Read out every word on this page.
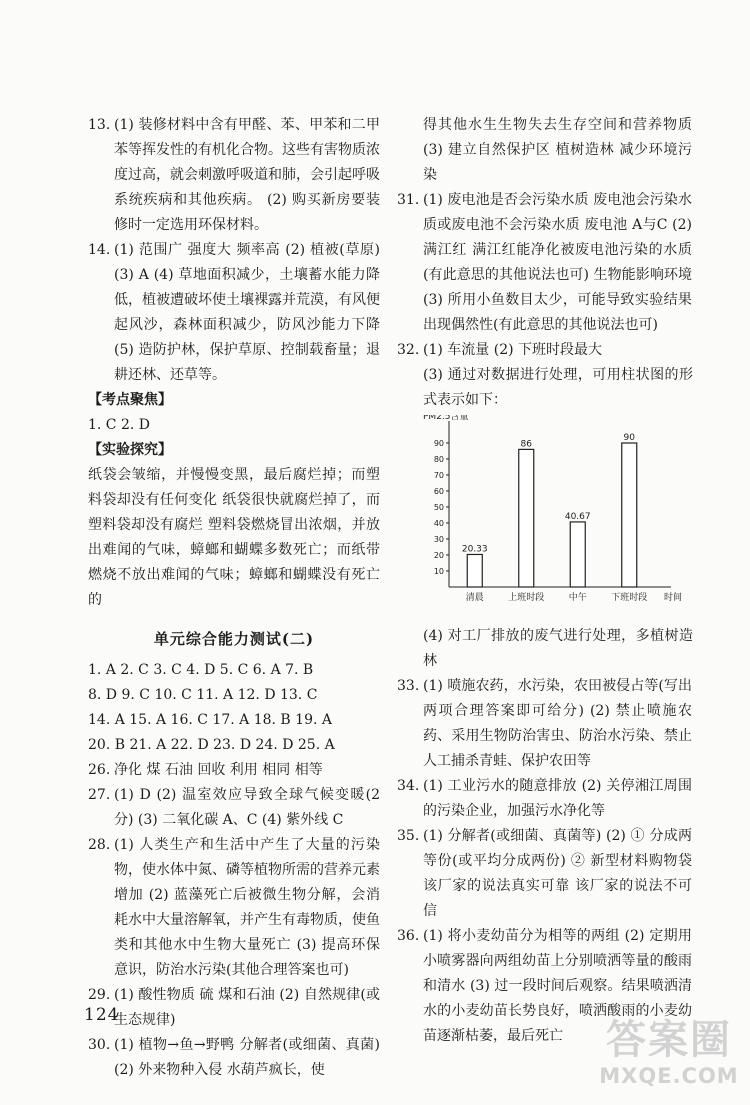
13. (1) 装修材料中含有甲醛、苯、甲苯和二甲苯等挥发性的有机化合物。这些有害物质浓度过高，就会刺激呼吸道和肺，会引起呼吸系统疾病和其他疾病。 (2) 购买新房要装修时一定选用环保材料。
14. (1) 范围广 强度大 频率高 (2) 植被(草原) (3) A (4) 草地面积减少，土壤蓄水能力降低，植被遭破坏使土壤裸露并荒漠，有风便起风沙，森林面积减少，防风沙能力下降 (5) 造防护林，保护草原、控制载畜量；退耕还林、还草等。
【考点聚焦】
1. C 2. D
【实验探究】
纸袋会皱缩，并慢慢变黑，最后腐烂掉；而塑料袋却没有任何变化 纸袋很快就腐烂掉了，而塑料袋却没有腐烂 塑料袋燃烧冒出浓烟，并放出难闻的气味，蟑螂和蝴蝶多数死亡；而纸带燃烧不放出难闻的气味；蟑螂和蝴蝶没有死亡的
单元综合能力测试(二)
1. A 2. C 3. C 4. D 5. C 6. A 7. B
8. D 9. C 10. C 11. A 12. D 13. C
14. A 15. A 16. C 17. A 18. B 19. A
20. B 21. A 22. D 23. D 24. D 25. A
26. 净化 煤 石油 回收 利用 相同 相等
27. (1) D (2) 温室效应导致全球气候变暖(2分) (3) 二氧化碳 A、C (4) 紫外线 C
28. (1) 人类生产和生活中产生了大量的污染物，使水体中氮、磷等植物所需的营养元素增加 (2) 蓝藻死亡后被微生物分解，会消耗水中大量溶解氧，并产生有毒物质，使鱼类和其他水中生物大量死亡 (3) 提高环保意识，防治水污染(其他合理答案也可)
29. (1) 酸性物质 硫 煤和石油 (2) 自然规律(或生态规律)
30. (1) 植物→鱼→野鸭 分解者(或细菌、真菌) (2) 外来物种入侵 水葫芦疯长，使
得其他水生生物失去生存空间和营养物质 (3) 建立自然保护区 植树造林 减少环境污染
31. (1) 废电池是否会污染水质 废电池会污染水质或废电池不会污染水质 废电池 A与C (2) 满江红 满江红能净化被废电池污染的水质(有此意思的其他说法也可) 生物能影响环境 (3) 所用小鱼数目太少，可能导致实验结果出现偶然性(有此意思的其他说法也可)
32. (1) 车流量 (2) 下班时段最大
(3) 通过对数据进行处理，可用柱状图的形式表示如下：
PM2.5含量
10
20
30
40
50
60
70
80
90
20.33
清晨
86
上班时段
40.67
中午
90
下班时段 时间
(4) 对工厂排放的废气进行处理，多植树造林
33. (1) 喷施农药，水污染，农田被侵占等(写出两项合理答案即可给分) (2) 禁止喷施农药、采用生物防治害虫、防治水污染、禁止人工捕杀青蛙、保护农田等
34. (1) 工业污水的随意排放 (2) 关停湘江周围的污染企业，加强污水净化等
35. (1) 分解者(或细菌、真菌等) (2) ① 分成两等份(或平均分成两份) ② 新型材料购物袋 该厂家的说法真实可靠 该厂家的说法不可信
36. (1) 将小麦幼苗分为相等的两组 (2) 定期用小喷雾器向两组幼苗上分别喷洒等量的酸雨和清水 (3) 过一段时间后观察。结果喷洒清水的小麦幼苗长势良好，喷洒酸雨的小麦幼苗逐渐枯萎，最后死亡
124
答案圈
MXQE.COM
